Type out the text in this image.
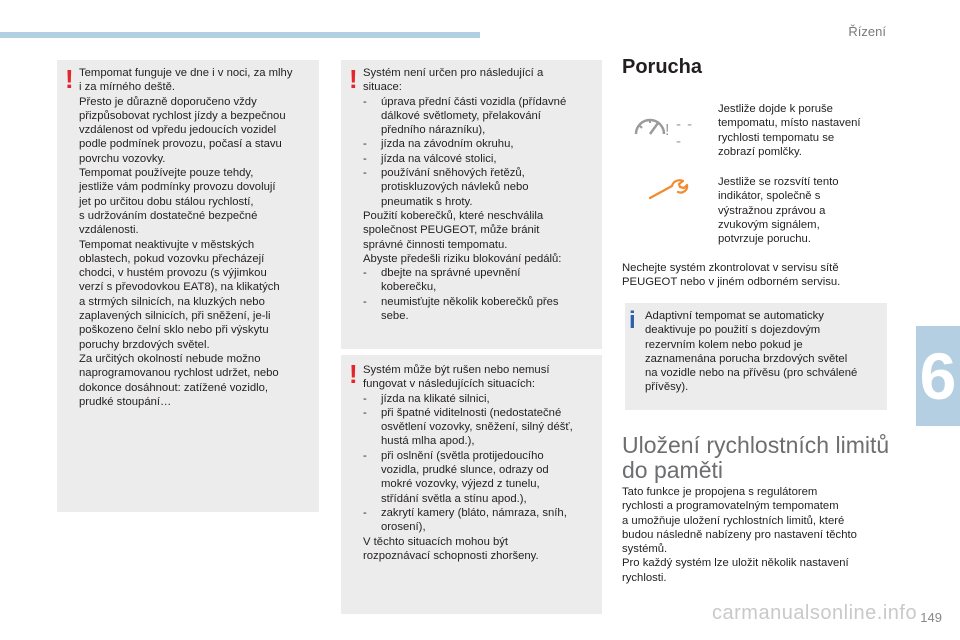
Řízení
6
! Tempomat funguje ve dne i v noci, za mlhy
i za mírného deště.
Přesto je důrazně doporučeno vždy
přizpůsobovat rychlost jízdy a bezpečnou
vzdálenost od vpředu jedoucích vozidel
podle podmínek provozu, počasí a stavu
povrchu vozovky.
Tempomat používejte pouze tehdy,
jestliže vám podmínky provozu dovolují
jet po určitou dobu stálou rychlostí,
s udržováním dostatečné bezpečné
vzdálenosti.
Tempomat neaktivujte v městských
oblastech, pokud vozovku přecházejí
chodci, v hustém provozu (s výjimkou
verzí s převodovkou EAT8), na klikatých
a strmých silnicích, na kluzkých nebo
zaplavených silnicích, při sněžení, je-li
poškozeno čelní sklo nebo při výskytu
poruchy brzdových světel.
Za určitých okolností nebude možno
naprogramovanou rychlost udržet, nebo
dokonce dosáhnout: zatížené vozidlo,
prudké stoupání…

! Systém není určen pro následující a
situace:

- úprava přední části vozidla (přídavné
dálkové světlomety, přelakování
předního nárazníku),
- jízda na závodním okruhu,
- jízda na válcové stolici,
- používání sněhových řetězů,
protiskluzových návleků nebo
pneumatik s hroty.

Použití koberečků, které neschválila
společnost PEUGEOT, může bránit
správné činnosti tempomatu.
Abyste předešli riziku blokování pedálů:

- dbejte na správné upevnění
koberečku,
- neumisťujte několik koberečků přes
sebe.
! Systém může být rušen nebo nemusí
fungovat v následujících situacích:

- jízda na klikaté silnici,
- při špatné viditelnosti (nedostatečné
osvětlení vozovky, sněžení, silný déšť,
hustá mlha apod.),
- při oslnění (světla protijedoucího
vozidla, prudké slunce, odrazy od
mokré vozovky, výjezd z tunelu,
střídání světla a stínu apod.),
- zakrytí kamery (bláto, námraza, sníh,
orosení),

V těchto situacích mohou být
rozpoznávací schopnosti zhoršeny.

Porucha
! - - -

Jestliže dojde k poruše
tempomatu, místo nastavení
rychlosti tempomatu se
zobrazí pomlčky.

Jestliže se rozsvítí tento
indikátor, společně s
výstražnou zprávou a
zvukovým signálem,
potvrzuje poruchu.

Nechejte systém zkontrolovat v servisu sítě
PEUGEOT nebo v jiném odborném servisu.

i Adaptivní tempomat se automaticky
deaktivuje po použití s dojezdovým
rezervním kolem nebo pokud je
zaznamenána porucha brzdových světel
na vozidle nebo na přívěsu (pro schválené
přívěsy).

Uložení rychlostních limitů
do paměti

Tato funkce je propojena s regulátorem
rychlosti a programovatelným tempomatem
a umožňuje uložení rychlostních limitů, které
budou následně nabízeny pro nastavení těchto
systémů.
Pro každý systém lze uložit několik nastavení
rychlosti.

carmanualsonline.info 149
